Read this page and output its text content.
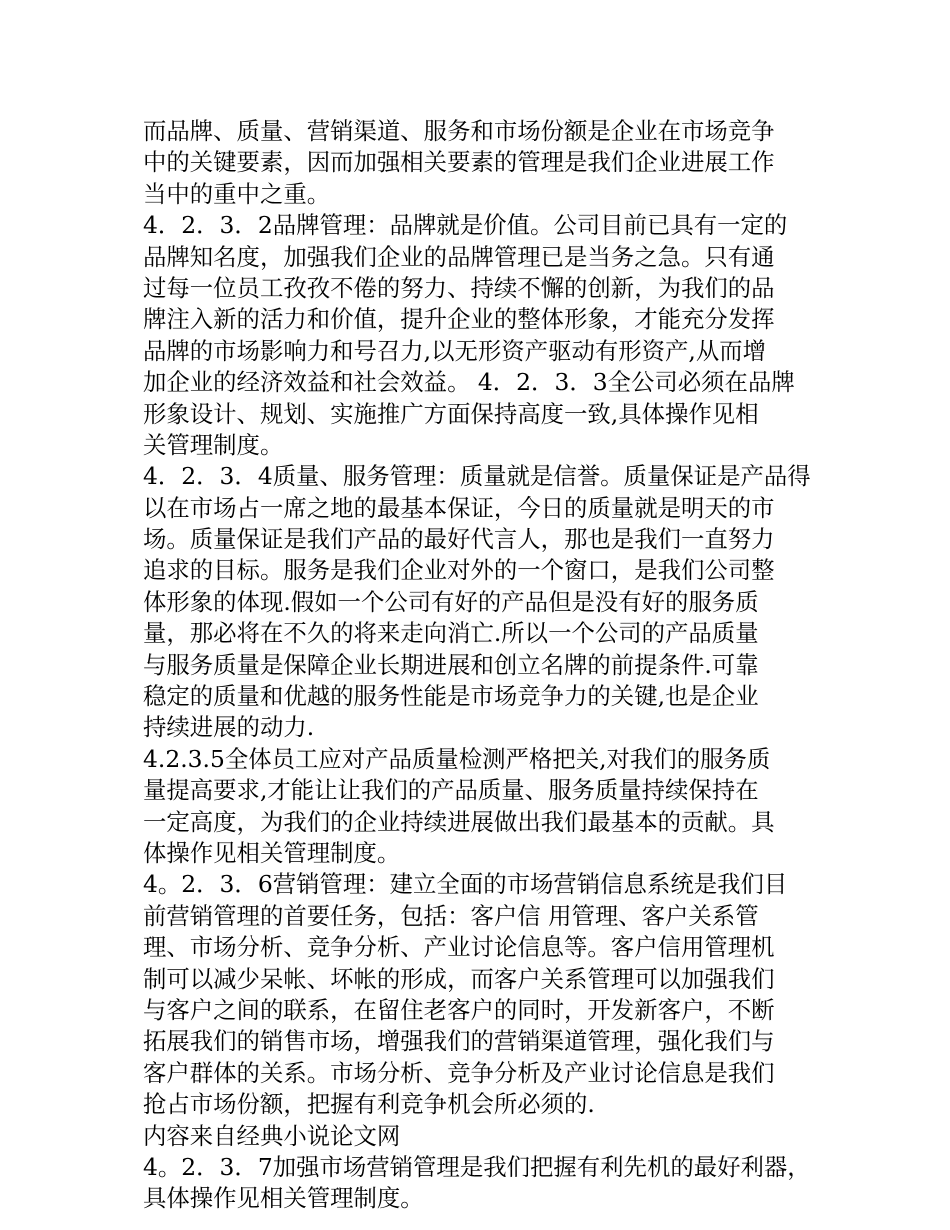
而品牌、质量、营销渠道、服务和市场份额是企业在市场竞争
中的关键要素，因而加强相关要素的管理是我们企业进展工作
当中的重中之重。
4．2．3．2品牌管理：品牌就是价值。公司目前已具有一定的
品牌知名度，加强我们企业的品牌管理已是当务之急。只有通
过每一位员工孜孜不倦的努力、持续不懈的创新，为我们的品
牌注入新的活力和价值，提升企业的整体形象，才能充分发挥
品牌的市场影响力和号召力,以无形资产驱动有形资产,从而增
加企业的经济效益和社会效益。 4．2．3．3全公司必须在品牌
形象设计、规划、实施推广方面保持高度一致,具体操作见相
关管理制度。
4．2．3．4质量、服务管理：质量就是信誉。质量保证是产品得
以在市场占一席之地的最基本保证，今日的质量就是明天的市
场。质量保证是我们产品的最好代言人，那也是我们一直努力
追求的目标。服务是我们企业对外的一个窗口，是我们公司整
体形象的体现.假如一个公司有好的产品但是没有好的服务质
量，那必将在不久的将来走向消亡.所以一个公司的产品质量
与服务质量是保障企业长期进展和创立名牌的前提条件.可靠
稳定的质量和优越的服务性能是市场竞争力的关键,也是企业
持续进展的动力.
4.2.3.5全体员工应对产品质量检测严格把关,对我们的服务质
量提高要求,才能让让我们的产品质量、服务质量持续保持在
一定高度，为我们的企业持续进展做出我们最基本的贡献。具
体操作见相关管理制度。
4。2．3．6营销管理：建立全面的市场营销信息系统是我们目
前营销管理的首要任务，包括：客户信 用管理、客户关系管
理、市场分析、竞争分析、产业讨论信息等。客户信用管理机
制可以减少呆帐、坏帐的形成，而客户关系管理可以加强我们
与客户之间的联系，在留住老客户的同时，开发新客户，不断
拓展我们的销售市场，增强我们的营销渠道管理，强化我们与
客户群体的关系。市场分析、竞争分析及产业讨论信息是我们
抢占市场份额，把握有利竞争机会所必须的.
内容来自经典小说论文网
4。2．3．7加强市场营销管理是我们把握有利先机的最好利器，
具体操作见相关管理制度。
